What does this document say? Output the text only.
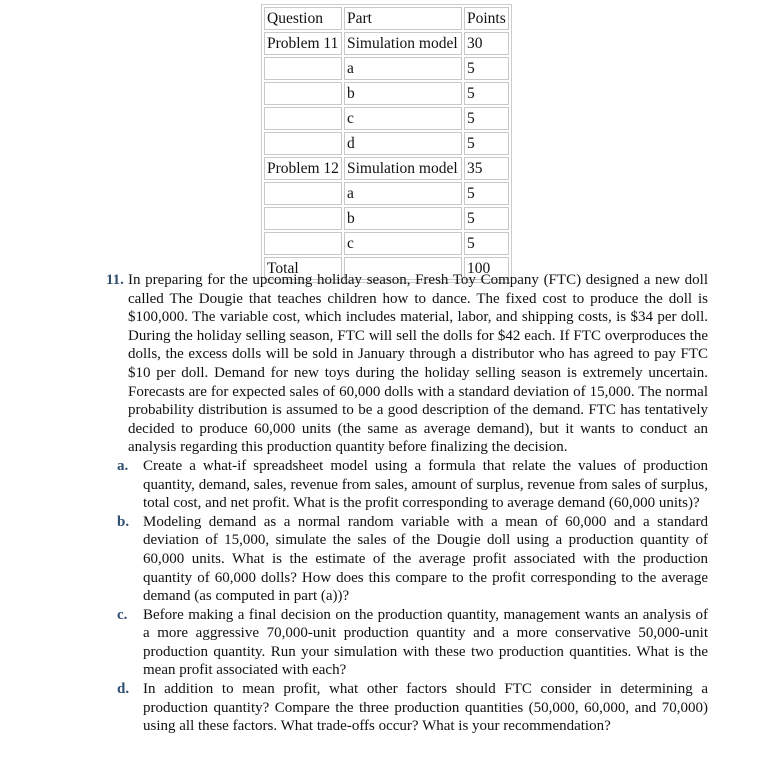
Question	Part	Points
Problem 11	Simulation model	30
	a	5
	b	5
	c	5
	d	5
Problem 12	Simulation model	35
	a	5
	b	5
	c	5
Total		100
11. In preparing for the upcoming holiday season, Fresh Toy Company (FTC) designed a new doll called The Dougie that teaches children how to dance. The fixed cost to produce the doll is $100,000. The variable cost, which includes material, labor, and shipping costs, is $34 per doll. During the holiday selling season, FTC will sell the dolls for $42 each. If FTC overproduces the dolls, the excess dolls will be sold in January through a distributor who has agreed to pay FTC $10 per doll. Demand for new toys during the holiday selling season is extremely uncertain. Forecasts are for expected sales of 60,000 dolls with a standard deviation of 15,000. The normal probability distribution is assumed to be a good description of the demand. FTC has tentatively decided to produce 60,000 units (the same as average demand), but it wants to conduct an analysis regarding this production quantity before finalizing the decision.
a. Create a what-if spreadsheet model using a formula that relate the values of production quantity, demand, sales, revenue from sales, amount of surplus, revenue from sales of surplus, total cost, and net profit. What is the profit corresponding to average demand (60,000 units)?
b. Modeling demand as a normal random variable with a mean of 60,000 and a standard deviation of 15,000, simulate the sales of the Dougie doll using a production quantity of 60,000 units. What is the estimate of the average profit associated with the production quantity of 60,000 dolls? How does this compare to the profit corresponding to the average demand (as computed in part (a))?
c. Before making a final decision on the production quantity, management wants an analysis of a more aggressive 70,000-unit production quantity and a more conservative 50,000-unit production quantity. Run your simulation with these two production quantities. What is the mean profit associated with each?
d. In addition to mean profit, what other factors should FTC consider in determining a production quantity? Compare the three production quantities (50,000, 60,000, and 70,000) using all these factors. What trade-offs occur? What is your recommendation?
